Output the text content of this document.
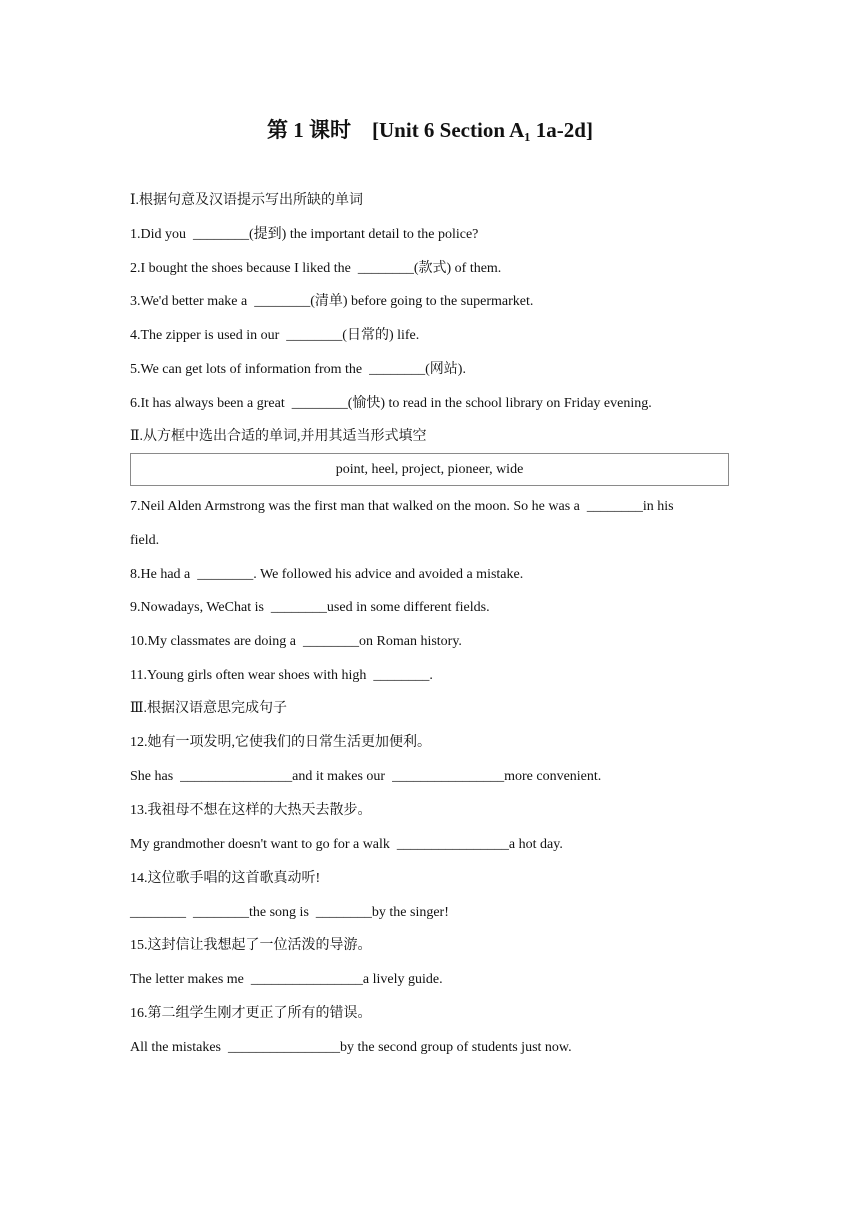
第 1 课时    [Unit 6 Section A₁ 1a-2d]
Ⅰ.根据句意及汉语提示写出所缺的单词
1.Did you  ________(提到) the important detail to the police?
2.I bought the shoes because I liked the  ________(款式) of them.
3.We'd better make a  ________(清单) before going to the supermarket.
4.The zipper is used in our  ________(日常的) life.
5.We can get lots of information from the  ________(网站).
6.It has always been a great  ________(愉快) to read in the school library on Friday evening.
Ⅱ.从方框中选出合适的单词,并用其适当形式填空
point, heel, project, pioneer, wide
7.Neil Alden Armstrong was the first man that walked on the moon. So he was a  ________in his
field.
8.He had a  ________. We followed his advice and avoided a mistake.
9.Nowadays, WeChat is  ________used in some different fields.
10.My classmates are doing a  ________on Roman history.
11.Young girls often wear shoes with high  ________.
Ⅲ.根据汉语意思完成句子
12.她有一项发明,它使我们的日常生活更加便利。
She has  ________________and it makes our  ________________more convenient.
13.我祖母不想在这样的大热天去散步。
My grandmother doesn't want to go for a walk  ________________a hot day.
14.这位歌手唱的这首歌真动听!
________  ________the song is  ________by the singer!
15.这封信让我想起了一位活泼的导游。
The letter makes me  ________________a lively guide.
16.第二组学生刚才更正了所有的错误。
All the mistakes  ________________by the second group of students just now.
